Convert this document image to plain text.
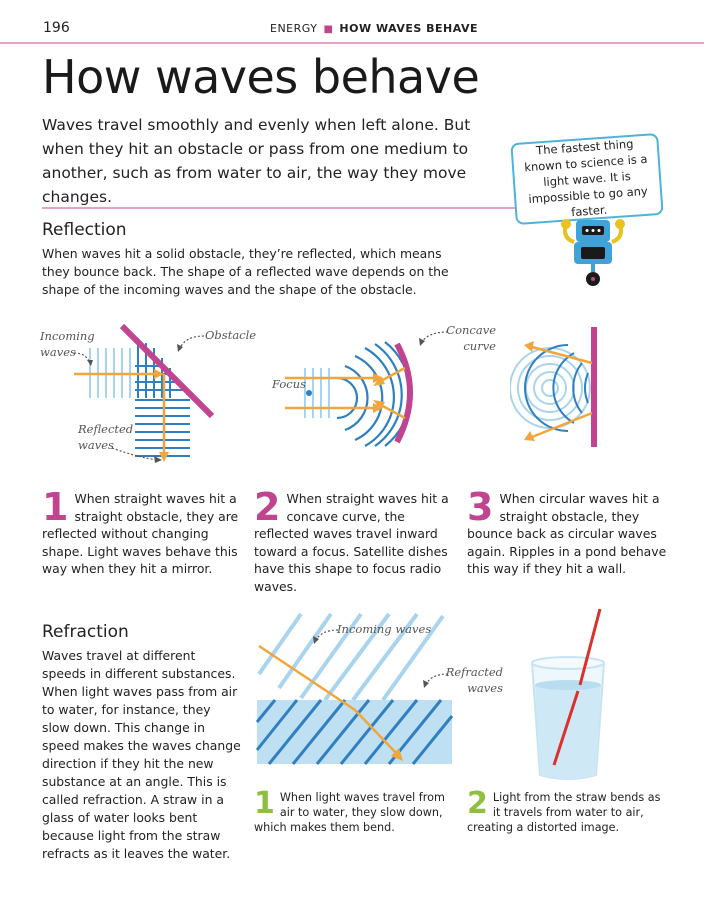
196	ENERGY ■ HOW WAVES BEHAVE
How waves behave
Waves travel smoothly and evenly when left alone. But when they hit an obstacle or pass from one medium to another, such as from water to air, the way they move changes.
The fastest thing known to science is a light wave. It is impossible to go any faster.
Reflection
When waves hit a solid obstacle, they’re reflected, which means they bounce back. The shape of a reflected wave depends on the shape of the incoming waves and the shape of the obstacle.
Incoming waves
Obstacle
Reflected waves
Concave curve
Focus
1 When straight waves hit a straight obstacle, they are reflected without changing shape. Light waves behave this way when they hit a mirror.
2 When straight waves hit a concave curve, the reflected waves travel inward toward a focus. Satellite dishes have this shape to focus radio waves.
3 When circular waves hit a straight obstacle, they bounce back as circular waves again. Ripples in a pond behave this way if they hit a wall.
Refraction
Waves travel at different speeds in different substances. When light waves pass from air to water, for instance, they slow down. This change in speed makes the waves change direction if they hit the new substance at an angle. This is called refraction. A straw in a glass of water looks bent because light from the straw refracts as it leaves the water.
Incoming waves
Refracted waves
1 When light waves travel from air to water, they slow down, which makes them bend.
2 Light from the straw bends as it travels from water to air, creating a distorted image.
